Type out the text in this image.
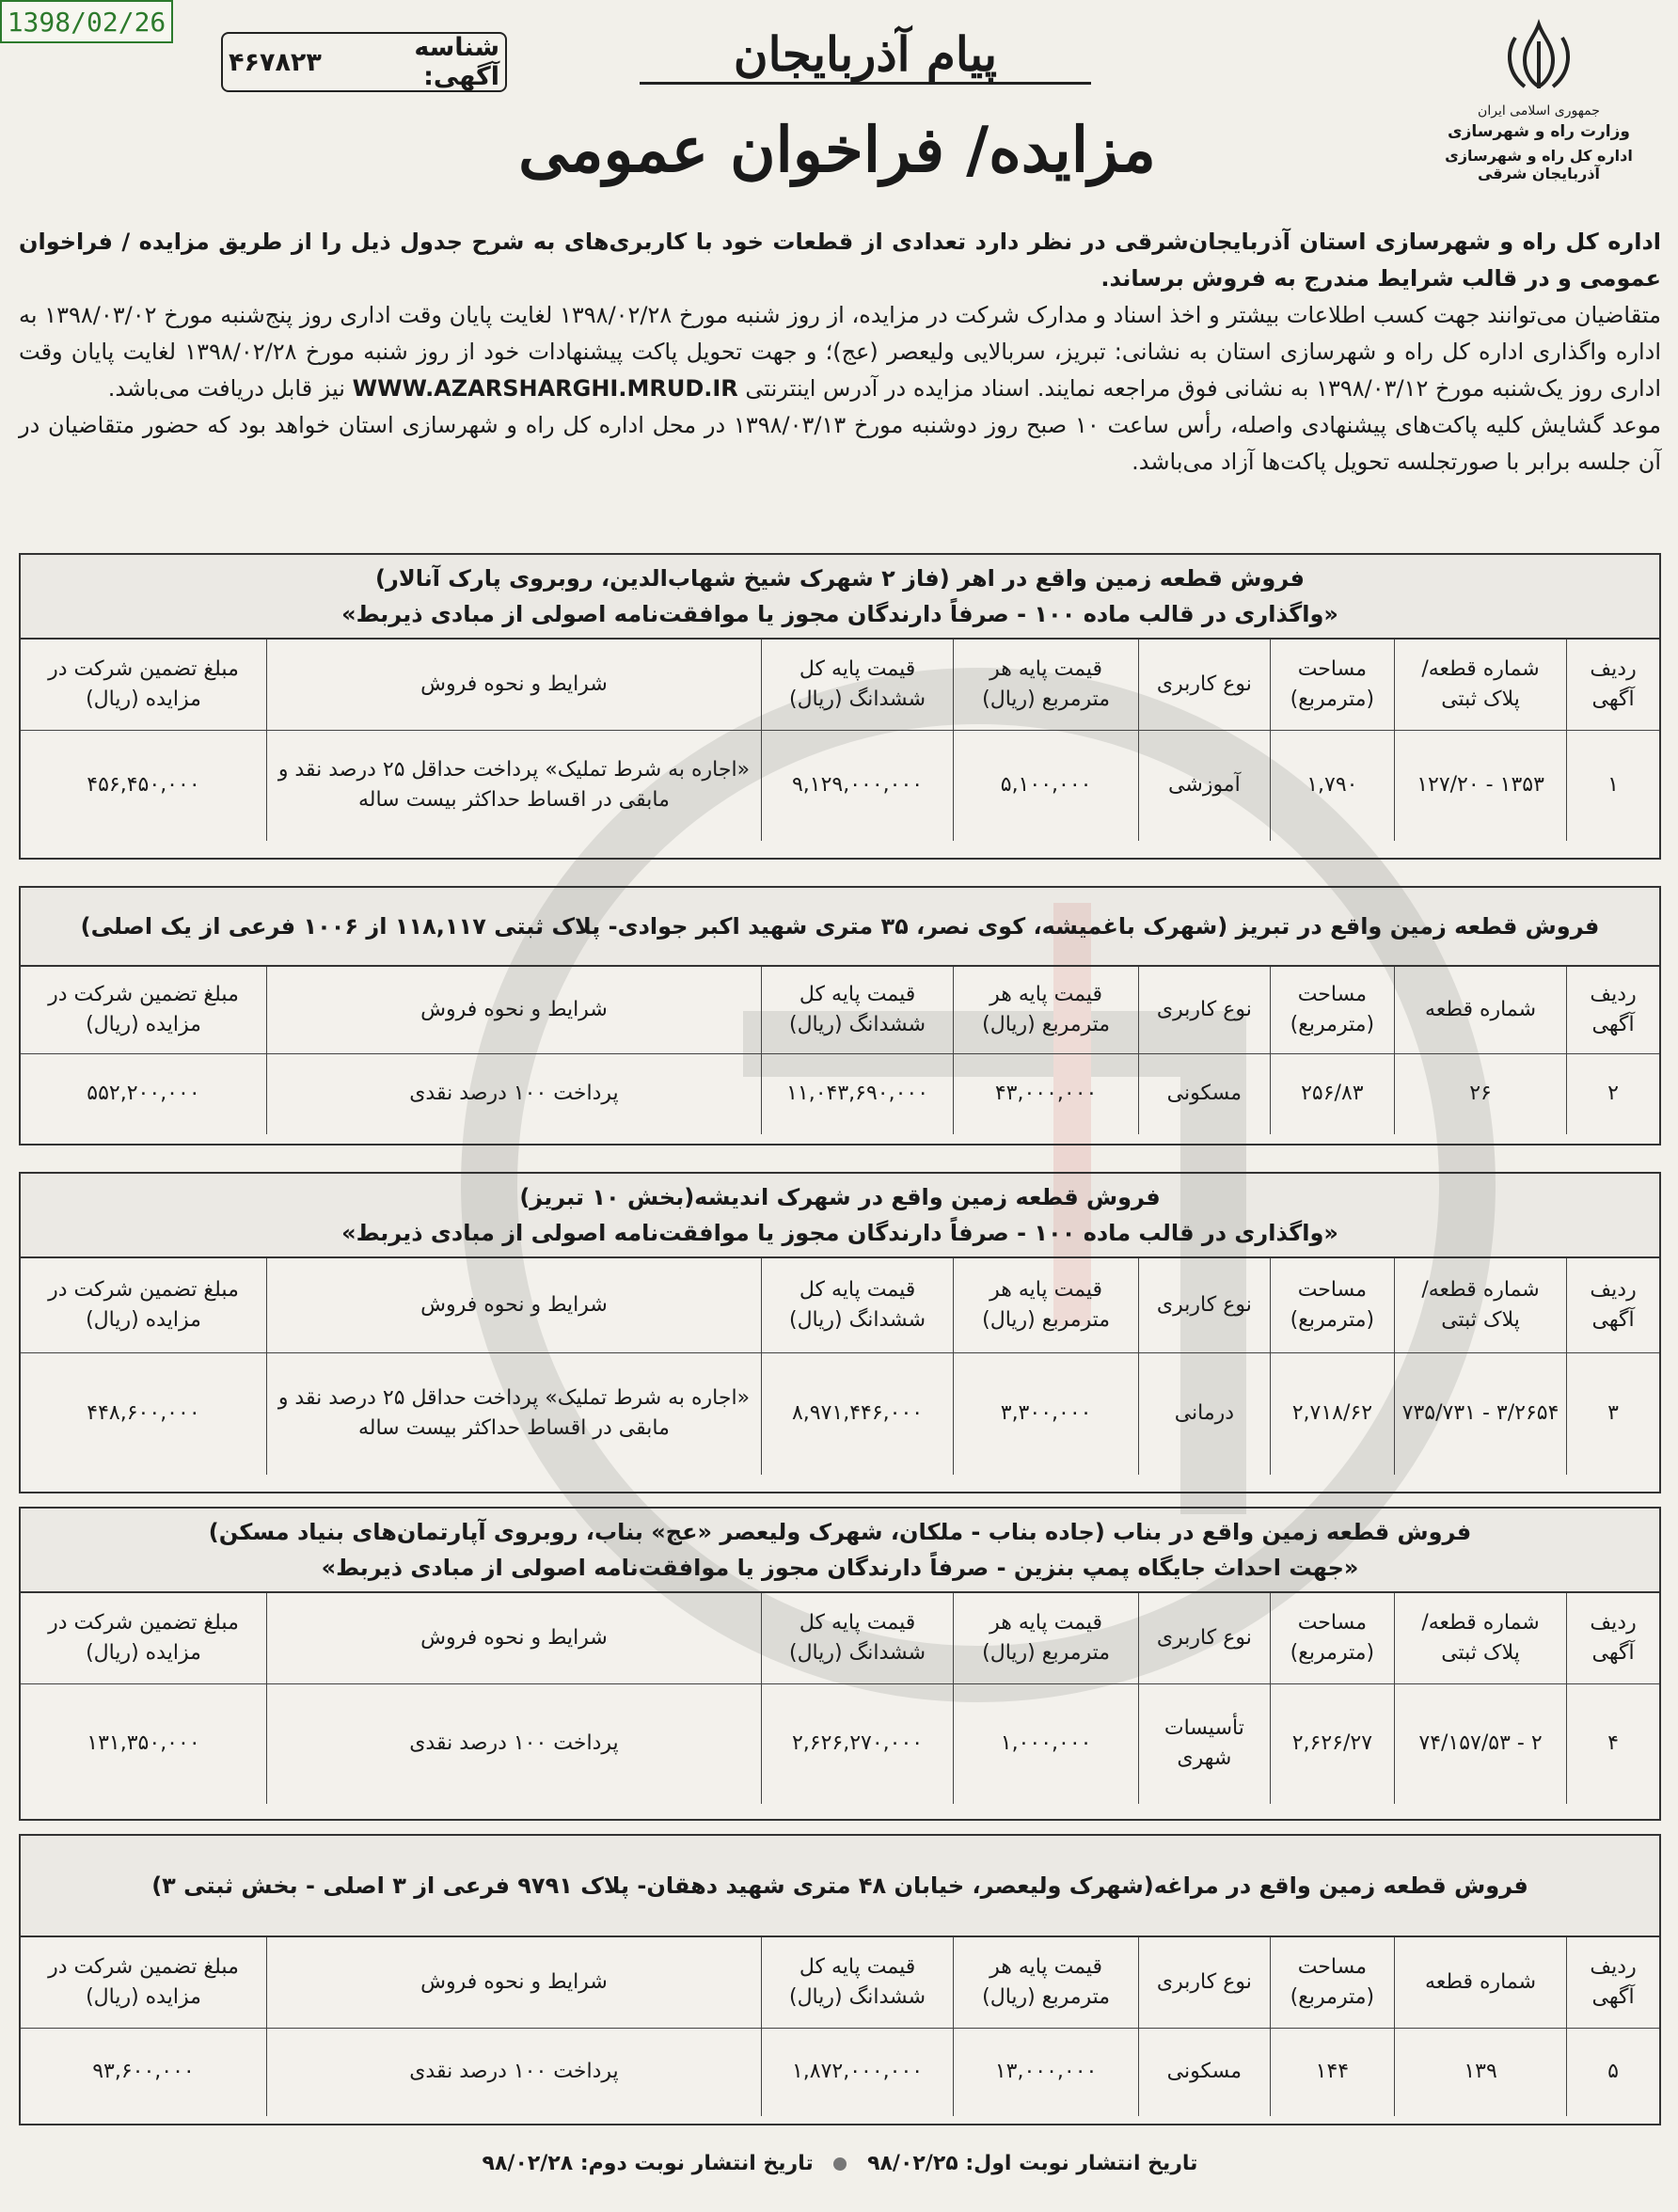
1398/02/26
شناسه آگهی:
۴۶۷۸۲۳	پیام آذربایجان
مزایده/ فراخوان عمومی
جمهوری اسلامی ایران
وزارت راه و شهرسازی
اداره کل راه و شهرسازی آذربایجان شرقی

اداره کل راه و شهرسازی استان آذربایجان‌شرقی در نظر دارد تعدادی از قطعات خود با کاربری‌های به شرح جدول ذیل را از طریق مزایده / فراخوان عمومی و در قالب شرایط مندرج به فروش برساند.

متقاضیان می‌توانند جهت کسب اطلاعات بیشتر و اخذ اسناد و مدارک شرکت در مزایده، از روز شنبه مورخ ۱۳۹۸/۰۲/۲۸ لغایت پایان وقت اداری روز پنج‌شنبه مورخ ۱۳۹۸/۰۳/۰۲ به اداره واگذاری اداره کل راه و شهرسازی استان به نشانی: تبریز، سربالایی ولیعصر (عج)؛ و جهت تحویل پاکت پیشنهادات خود از روز شنبه مورخ ۱۳۹۸/۰۲/۲۸ لغایت پایان وقت اداری روز یک‌شنبه مورخ ۱۳۹۸/۰۳/۱۲ به نشانی فوق مراجعه نمایند. اسناد مزایده در آدرس اینترنتی WWW.AZARSHARGHI.MRUD.IR نیز قابل دریافت می‌باشد.

موعد گشایش کلیه پاکت‌های پیشنهادی واصله، رأس ساعت ۱۰ صبح روز دوشنبه مورخ ۱۳۹۸/۰۳/۱۳ در محل اداره کل راه و شهرسازی استان خواهد بود که حضور متقاضیان در آن جلسه برابر با صورتجلسه تحویل پاکت‌ها آزاد می‌باشد.

فروش قطعه زمین واقع در اهر (فاز ۲ شهرک شیخ شهاب‌الدین، روبروی پارک آنالار)
«واگذاری در قالب ماده ۱۰۰ - صرفاً دارندگان مجوز یا موافقت‌نامه اصولی از مبادی ذیربط»
ردیف آگهی	شماره قطعه/ پلاک ثبتی	مساحت (مترمربع)	نوع کاربری	قیمت پایه هر مترمربع (ریال)	قیمت پایه کل ششدانگ (ریال)	شرایط و نحوه فروش	مبلغ تضمین شرکت در مزایده (ریال)
۱	۱۳۵۳ - ۱۲۷/۲۰	۱,۷۹۰	آموزشی	۵,۱۰۰,۰۰۰	۹,۱۲۹,۰۰۰,۰۰۰	«اجاره به شرط تملیک» پرداخت حداقل ۲۵ درصد نقد و مابقی در اقساط حداکثر بیست ساله	۴۵۶,۴۵۰,۰۰۰
فروش قطعه زمین واقع در تبریز (شهرک باغمیشه، کوی نصر، ۳۵ متری شهید اکبر جوادی- پلاک ثبتی ۱۱۸,۱۱۷ از ۱۰۰۶ فرعی از یک اصلی)
ردیف آگهی	شماره قطعه	مساحت (مترمربع)	نوع کاربری	قیمت پایه هر مترمربع (ریال)	قیمت پایه کل ششدانگ (ریال)	شرایط و نحوه فروش	مبلغ تضمین شرکت در مزایده (ریال)
۲	۲۶	۲۵۶/۸۳	مسکونی	۴۳,۰۰۰,۰۰۰	۱۱,۰۴۳,۶۹۰,۰۰۰	پرداخت ۱۰۰ درصد نقدی	۵۵۲,۲۰۰,۰۰۰
فروش قطعه زمین واقع در شهرک اندیشه(بخش ۱۰ تبریز)
«واگذاری در قالب ماده ۱۰۰ - صرفاً دارندگان مجوز یا موافقت‌نامه اصولی از مبادی ذیربط»
ردیف آگهی	شماره قطعه/ پلاک ثبتی	مساحت (مترمربع)	نوع کاربری	قیمت پایه هر مترمربع (ریال)	قیمت پایه کل ششدانگ (ریال)	شرایط و نحوه فروش	مبلغ تضمین شرکت در مزایده (ریال)
۳	۳/۲۶۵۴ - ۷۳۵/۷۳۱	۲,۷۱۸/۶۲	درمانی	۳,۳۰۰,۰۰۰	۸,۹۷۱,۴۴۶,۰۰۰	«اجاره به شرط تملیک» پرداخت حداقل ۲۵ درصد نقد و مابقی در اقساط حداکثر بیست ساله	۴۴۸,۶۰۰,۰۰۰
فروش قطعه زمین واقع در بناب (جاده بناب - ملکان، شهرک ولیعصر «عج» بناب، روبروی آپارتمان‌های بنیاد مسکن)
«جهت احداث جایگاه پمپ بنزین - صرفاً دارندگان مجوز یا موافقت‌نامه اصولی از مبادی ذیربط»
ردیف آگهی	شماره قطعه/ پلاک ثبتی	مساحت (مترمربع)	نوع کاربری	قیمت پایه هر مترمربع (ریال)	قیمت پایه کل ششدانگ (ریال)	شرایط و نحوه فروش	مبلغ تضمین شرکت در مزایده (ریال)
۴	۲ - ۷۴/۱۵۷/۵۳	۲,۶۲۶/۲۷	تأسیسات شهری	۱,۰۰۰,۰۰۰	۲,۶۲۶,۲۷۰,۰۰۰	پرداخت ۱۰۰ درصد نقدی	۱۳۱,۳۵۰,۰۰۰
فروش قطعه زمین واقع در مراغه(شهرک ولیعصر، خیابان ۴۸ متری شهید دهقان- پلاک ۹۷۹۱ فرعی از ۳ اصلی - بخش ثبتی ۳)
ردیف آگهی	شماره قطعه	مساحت (مترمربع)	نوع کاربری	قیمت پایه هر مترمربع (ریال)	قیمت پایه کل ششدانگ (ریال)	شرایط و نحوه فروش	مبلغ تضمین شرکت در مزایده (ریال)
۵	۱۳۹	۱۴۴	مسکونی	۱۳,۰۰۰,۰۰۰	۱,۸۷۲,۰۰۰,۰۰۰	پرداخت ۱۰۰ درصد نقدی	۹۳,۶۰۰,۰۰۰
تاریخ انتشار نوبت اول: ۹۸/۰۲/۲۵  تاریخ انتشار نوبت دوم: ۹۸/۰۲/۲۸
